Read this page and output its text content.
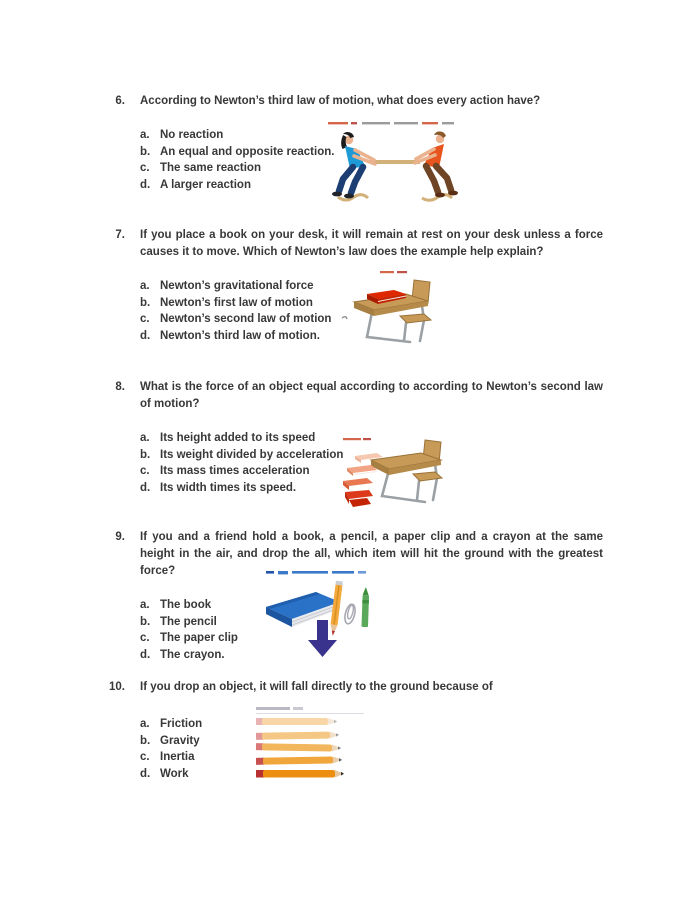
6. According to Newton’s third law of motion, what does every action have?

a. No reaction
b. An equal and opposite reaction.
c. The same reaction
d. A larger reaction
7. If you place a book on your desk, it will remain at rest on your desk unless a force causes it to move. Which of Newton’s law does the example help explain?

a. Newton’s gravitational force
b. Newton’s first law of motion
c. Newton’s second law of motion
d. Newton’s third law of motion.
8. What is the force of an object equal according to according to Newton’s second law of motion?

a. Its height added to its speed
b. Its weight divided by acceleration
c. Its mass times acceleration
d. Its width times its speed.
9. If you and a friend hold a book, a pencil, a paper clip and a crayon at the same height in the air, and drop the all, which item will hit the ground with the greatest force?

a. The book
b. The pencil
c. The paper clip
d. The crayon.
10. If you drop an object, it will fall directly to the ground because of

a. Friction
b. Gravity
c. Inertia
d. Work
